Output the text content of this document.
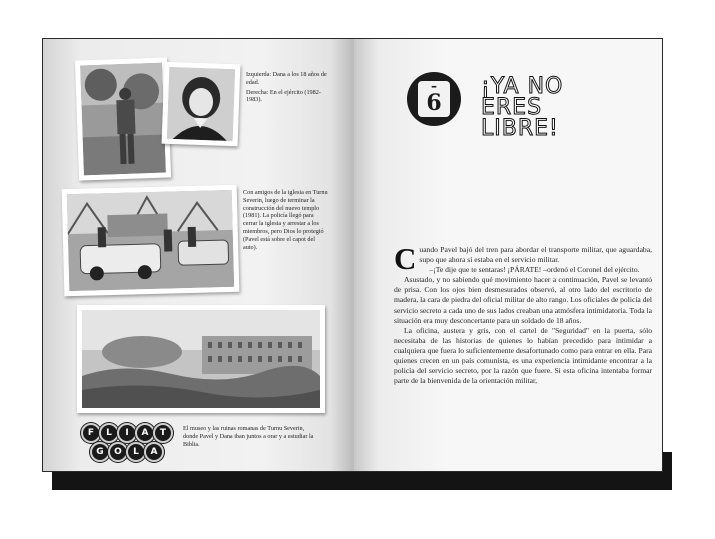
Izquierda: Dana a los 18 años de edad.
Derecha: En el ejército (1982-1983).
Con amigos de la iglesia en Turnu Severin, luego de terminar la construcción del nuevo templo (1981). La policía llegó para cerrar la iglesia y arrestar a los miembros, pero Dios lo protegió (Pavel está sobre el capot del auto).
F	L	I	A	T
G	O	L	A
El museo y las ruinas romanas de Turnu Severin, donde Pavel y Dana iban juntos a orar y a estudiar la Biblia.
–
6
¡YA NO
ERES
LIBRE!

Cuando Pavel bajó del tren para abordar el transporte militar, que aguardaba, supo que ahora sí estaba en el servicio militar.

–¡Te dije que te sentaras! ¡PÁRATE! –ordenó el Coronel del ejército.

Asustado, y no sabiendo qué movimiento hacer a continuación, Pavel se levantó de prisa. Con los ojos bien desmesurados observó, al otro lado del escritorio de madera, la cara de piedra del oficial militar de alto rango. Los oficiales de policía del servicio secreto a cada uno de sus lados creaban una atmósfera intimidatoria. Toda la situación era muy desconcertante para un soldado de 18 años.

La oficina, austera y gris, con el cartel de "Seguridad" en la puerta, sólo necesitaba de las historias de quienes lo habían precedido para intimidar a cualquiera que fuera lo suficientemente desafortunado como para entrar en ella. Para quienes crecen en un país comunista, es una experiencia intimidante encontrar a la policía del servicio secreto, por la razón que fuere. Si esta oficina intentaba formar parte de la bienvenida de la orientación militar,
